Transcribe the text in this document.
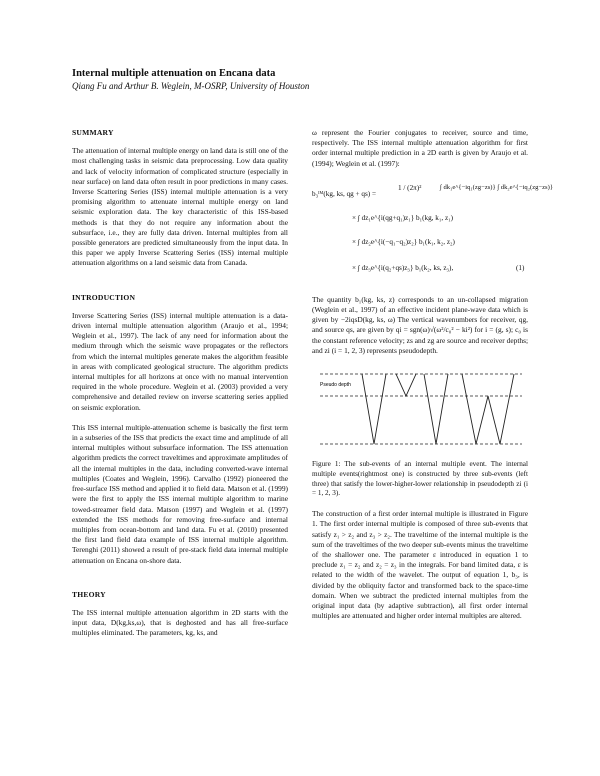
Internal multiple attenuation on Encana data
Qiang Fu and Arthur B. Weglein, M-OSRP, University of Houston
SUMMARY

The attenuation of internal multiple energy on land data is still one of the most challenging tasks in seismic data preprocessing. Low data quality and lack of velocity information of complicated structure (especially in near surface) on land data often result in poor predictions in many cases. Inverse Scattering Series (ISS) internal multiple attenuation is a very promising algorithm to attenuate internal multiple energy on land seismic exploration data. The key characteristic of this ISS-based methods is that they do not require any information about the subsurface, i.e., they are fully data driven. Internal multiples from all possible generators are predicted simultaneously from the input data. In this paper we apply Inverse Scattering Series (ISS) internal multiple attenuation algorithms on a land seismic data from Canada.

INTRODUCTION

Inverse Scattering Series (ISS) internal multiple attenuation is a data-driven internal multiple attenuation algorithm (Araujo et al., 1994; Weglein et al., 1997). The lack of any need for information about the medium through which the seismic wave propagates or the reflectors from which the internal multiples generate makes the algorithm feasible in areas with complicated geological structure. The algorithm predicts internal multiples for all horizons at once with no manual intervention required in the whole procedure. Weglein et al. (2003) provided a very comprehensive and detailed review on inverse scattering series applied on seismic exploration.

This ISS internal multiple-attenuation scheme is basically the first term in a subseries of the ISS that predicts the exact time and amplitude of all internal multiples without subsurface information. The ISS attenuation algorithm predicts the correct traveltimes and approximate amplitudes of all the internal multiples in the data, including converted-wave internal multiples (Coates and Weglein, 1996). Carvalho (1992) pioneered the free-surface ISS method and applied it to field data. Matson et al. (1999) were the first to apply the ISS internal multiple algorithm to marine towed-streamer field data. Matson (1997) and Weglein et al. (1997) extended the ISS methods for removing free-surface and internal multiples from ocean-bottom and land data. Fu et al. (2010) presented the first land field data example of ISS internal multiple algorithm. Terenghi (2011) showed a result of pre-stack field data internal multiple attenuation on Encana on-shore data.

THEORY

The ISS internal multiple attenuation algorithm in 2D starts with the input data, D(kg,ks,ω), that is deghosted and has all free-surface multiples eliminated. The parameters, kg, ks, and

ω represent the Fourier conjugates to receiver, source and time, respectively. The ISS internal multiple attenuation algorithm for first order internal multiple prediction in a 2D earth is given by Araujo et al. (1994); Weglein et al. (1997):

b₃ᴵᴹ(kg, ks, qg + qs) =
1 / (2π)²	∫ dk₁e^{−iq₁(zg−zs)} ∫ dk₂e^{−iq₂(zg−zs)}
× ∫ dz₁e^{i(qg+q₁)z₁} b₁(kg, k₁, z₁)
× ∫ dz₂e^{i(−q₁−q₂)z₂} b₁(k₁, k₂, z₂)
× ∫ dz₃e^{i(q₂+qs)z₃} b₁(k₂, ks, z₃),	(1)

The quantity b₁(kg, ks, z) corresponds to an un-collapsed migration (Weglein et al., 1997) of an effective incident plane-wave data which is given by −2iqsD(kg, ks, ω) The vertical wavenumbers for receiver, qg, and source qs, are given by qi = sgn(ω)√(ω²/c₀² − ki²) for i = (g, s); c₀ is the constant reference velocity; zs and zg are source and receiver depths; and zi (i = 1, 2, 3) represents pseudodepth.

Pseudo depth

Figure 1: The sub-events of an internal multiple event. The internal multiple events(rightmost one) is constructed by three sub-events (left three) that satisfy the lower-higher-lower relationship in pseudodepth zi (i = 1, 2, 3).

The construction of a first order internal multiple is illustrated in Figure 1. The first order internal multiple is composed of three sub-events that satisfy z₁ > z₂ and z₃ > z₂. The traveltime of the internal multiple is the sum of the traveltimes of the two deeper sub-events minus the traveltime of the shallower one. The parameter ε introduced in equation 1 to preclude z₁ = z₂ and z₂ = z₃ in the integrals. For band limited data, ε is related to the width of the wavelet. The output of equation 1, b₃, is divided by the obliquity factor and transformed back to the space-time domain. When we subtract the predicted internal multiples from the original input data (by adaptive subtraction), all first order internal multiples are attenuated and higher order internal multiples are altered.
